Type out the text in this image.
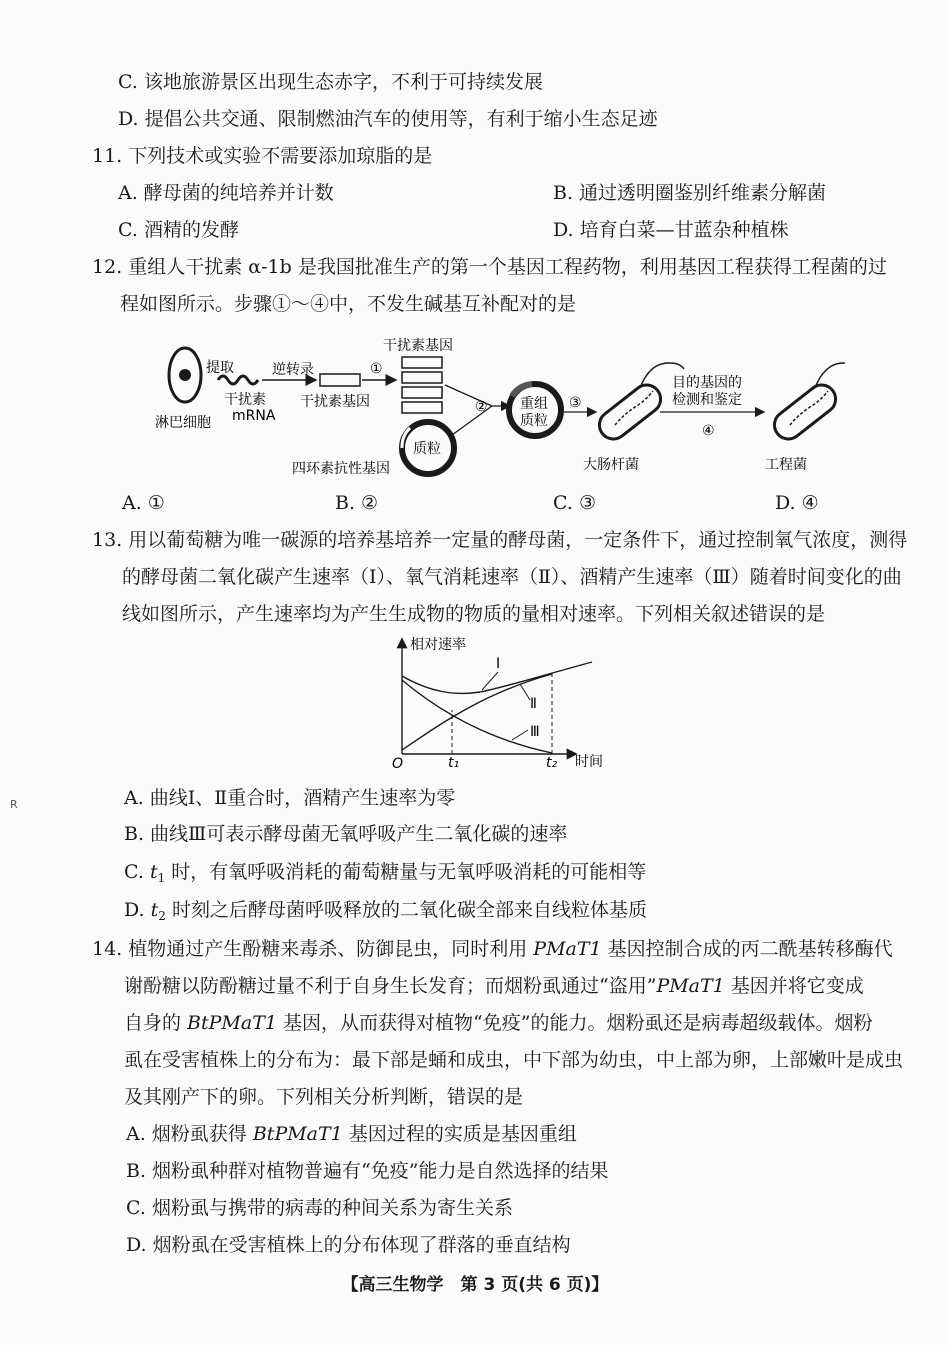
C. 该地旅游景区出现生态赤字，不利于可持续发展
D. 提倡公共交通、限制燃油汽车的使用等，有利于缩小生态足迹
11. 下列技术或实验不需要添加琼脂的是
A. 酵母菌的纯培养并计数	B. 通过透明圈鉴别纤维素分解菌
C. 酒精的发酵	D. 培育白菜—甘蓝杂种植株
12. 重组人干扰素 α-1b 是我国批准生产的第一个基因工程药物，利用基因工程获得工程菌的过
程如图所示。步骤①～④中，不发生碱基互补配对的是
淋巴细胞
提取
干扰素
mRNA
逆转录
干扰素基因
①
干扰素基因
质粒
四环素抗性基因
② 重组
质粒
③
大肠杆菌
目的基因的
检测和鉴定
④
工程菌
A. ①	B. ②	C. ③	D. ④
13. 用以葡萄糖为唯一碳源的培养基培养一定量的酵母菌，一定条件下，通过控制氧气浓度，测得
的酵母菌二氧化碳产生速率（Ⅰ）、氧气消耗速率（Ⅱ）、酒精产生速率（Ⅲ）随着时间变化的曲
线如图所示，产生速率均为产生生成物的物质的量相对速率。下列相关叙述错误的是
相对速率
时间
O	t₁	t₂
Ⅰ
Ⅱ
Ⅲ
A. 曲线Ⅰ、Ⅱ重合时，酒精产生速率为零
B. 曲线Ⅲ可表示酵母菌无氧呼吸产生二氧化碳的速率
C. $t_1$ 时，有氧呼吸消耗的葡萄糖量与无氧呼吸消耗的可能相等
D. $t_2$ 时刻之后酵母菌呼吸释放的二氧化碳全部来自线粒体基质
14. 植物通过产生酚糖来毒杀、防御昆虫，同时利用 PMaT1 基因控制合成的丙二酰基转移酶代
谢酚糖以防酚糖过量不利于自身生长发育；而烟粉虱通过“盗用”PMaT1 基因并将它变成
自身的 BtPMaT1 基因，从而获得对植物“免疫”的能力。烟粉虱还是病毒超级载体。烟粉
虱在受害植株上的分布为：最下部是蛹和成虫，中下部为幼虫，中上部为卵，上部嫩叶是成虫
及其刚产下的卵。下列相关分析判断，错误的是
A. 烟粉虱获得 BtPMaT1 基因过程的实质是基因重组
B. 烟粉虱种群对植物普遍有“免疫”能力是自然选择的结果
C. 烟粉虱与携带的病毒的种间关系为寄生关系
D. 烟粉虱在受害植株上的分布体现了群落的垂直结构
【高三生物学　第 3 页(共 6 页)】
R
